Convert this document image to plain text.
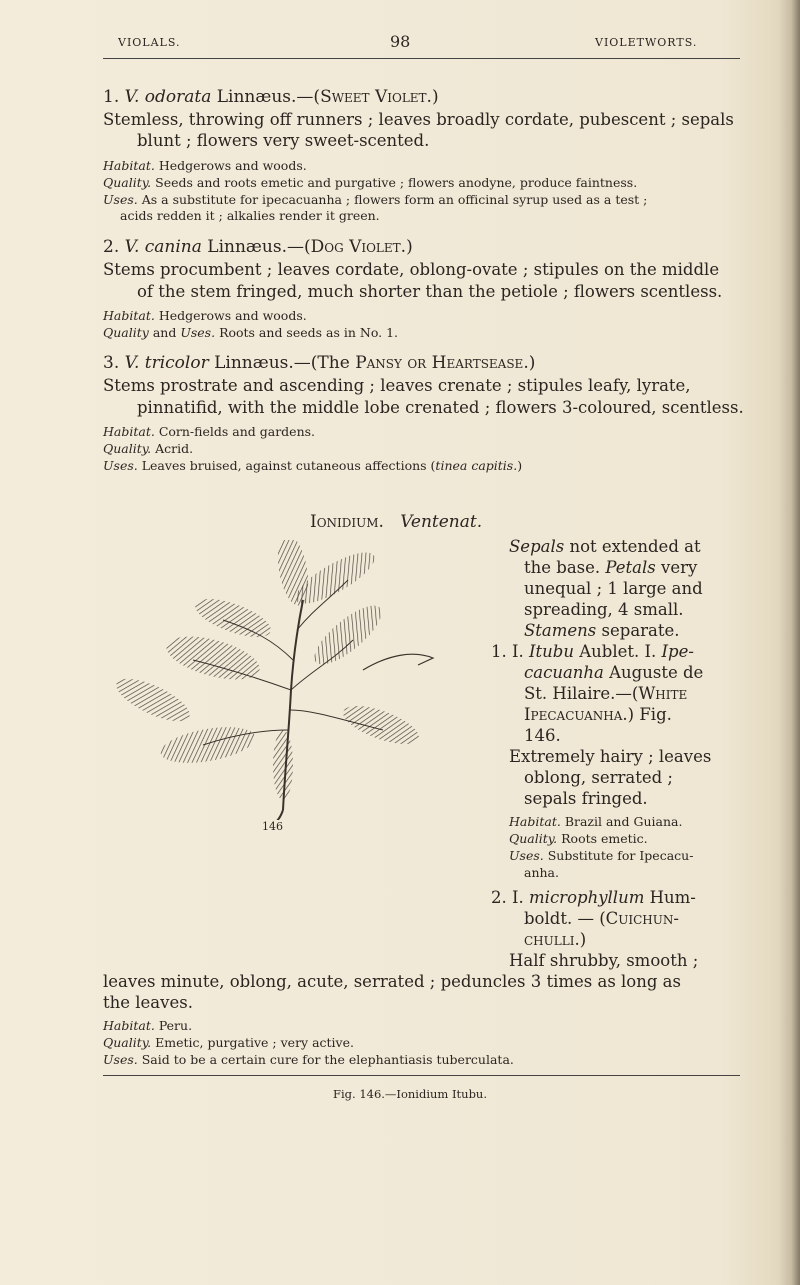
VIOLALS.	98	VIOLETWORTS.
1. V. odorata Linnæus.—(Sweet Violet.)
Stemless, throwing off runners ; leaves broadly cordate, pubescent ; sepals
blunt ; flowers very sweet-scented.
Habitat. Hedgerows and woods.
Quality. Seeds and roots emetic and purgative ; flowers anodyne, produce faintness.
Uses. As a substitute for ipecacuanha ; flowers form an officinal syrup used as a test ;
acids redden it ; alkalies render it green.
2. V. canina Linnæus.—(Dog Violet.)
Stems procumbent ; leaves cordate, oblong-ovate ; stipules on the middle
of the stem fringed, much shorter than the petiole ; flowers scentless.
Habitat. Hedgerows and woods.
Quality and Uses. Roots and seeds as in No. 1.
3. V. tricolor Linnæus.—(The Pansy or Heartsease.)
Stems prostrate and ascending ; leaves crenate ; stipules leafy, lyrate,
pinnatifid, with the middle lobe crenated ; flowers 3-coloured, scentless.
Habitat. Corn-fields and gardens.
Quality. Acrid.
Uses. Leaves bruised, against cutaneous affections (tinea capitis.)
Ionidium. Ventenat.
146
Sepals not extended at
the base. Petals very
unequal ; 1 large and
spreading, 4 small.
Stamens separate.
1. I. Itubu Aublet. I. Ipe-
cacuanha Auguste de
St. Hilaire.—(White
Ipecacuanha.) Fig.
146.
Extremely hairy ; leaves
oblong, serrated ;
sepals fringed.
Habitat. Brazil and Guiana.
Quality. Roots emetic.
Uses. Substitute for Ipecacu-
anha.
2. I. microphyllum Hum-
boldt. — (Cuichun-
chulli.)
Half shrubby, smooth ;
leaves minute, oblong, acute, serrated ; peduncles 3 times as long as
the leaves.
Habitat. Peru.
Quality. Emetic, purgative ; very active.
Uses. Said to be a certain cure for the elephantiasis tuberculata.
Fig. 146.—Ionidium Itubu.
